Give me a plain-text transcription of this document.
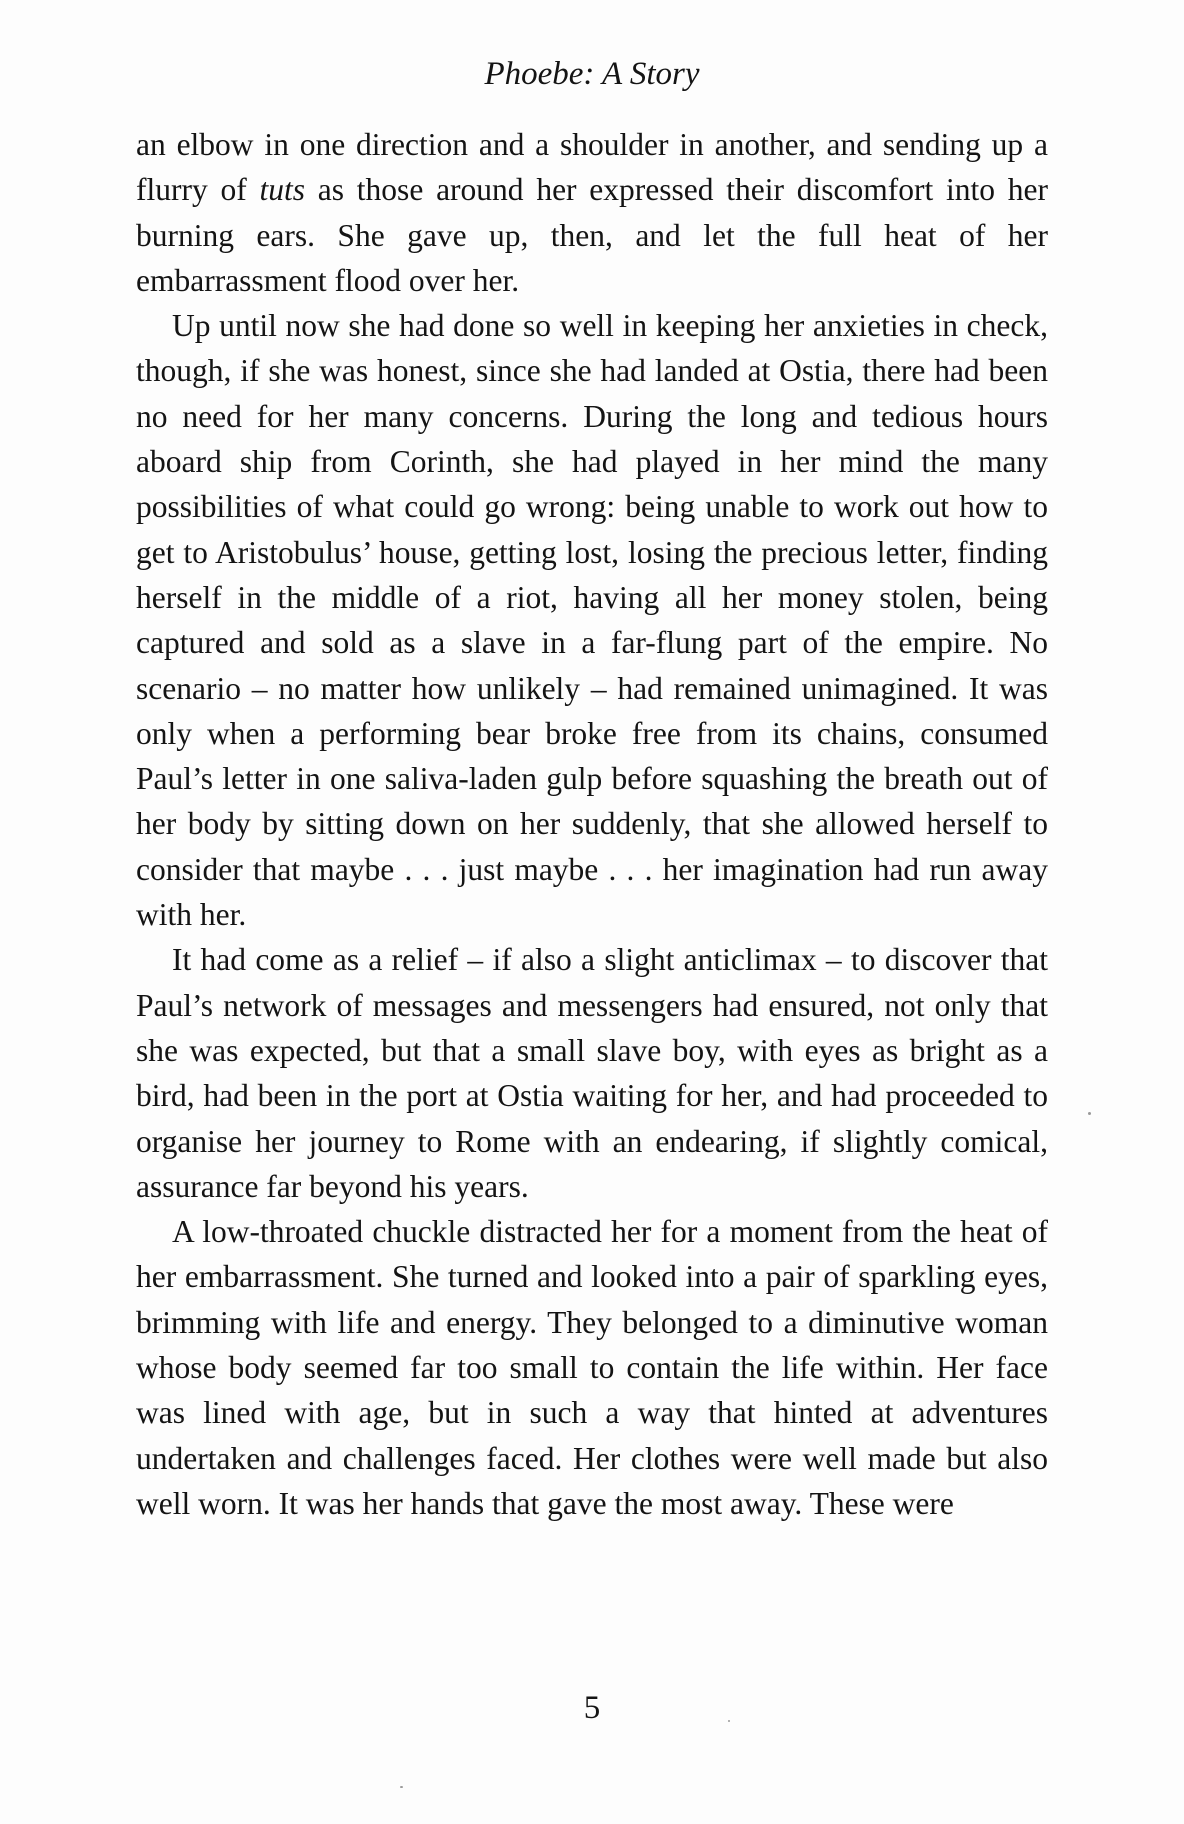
Phoebe: A Story

an elbow in one direction and a shoulder in another, and sending up a flurry of tuts as those around her expressed their discomfort into her burning ears. She gave up, then, and let the full heat of her embarrassment flood over her.

Up until now she had done so well in keeping her anxieties in check, though, if she was honest, since she had landed at Ostia, there had been no need for her many concerns. During the long and tedious hours aboard ship from Corinth, she had played in her mind the many possibilities of what could go wrong: being unable to work out how to get to Aristobulus’ house, getting lost, losing the precious letter, finding herself in the middle of a riot, having all her money stolen, being captured and sold as a slave in a far-flung part of the empire. No scenario – no matter how unlikely – had remained unimagined. It was only when a performing bear broke free from its chains, consumed Paul’s letter in one saliva-laden gulp before squashing the breath out of her body by sitting down on her suddenly, that she allowed herself to consider that maybe . . . just maybe . . . her imagination had run away with her.

It had come as a relief – if also a slight anticlimax – to discover that Paul’s network of messages and messengers had ensured, not only that she was expected, but that a small slave boy, with eyes as bright as a bird, had been in the port at Ostia waiting for her, and had proceeded to organise her journey to Rome with an endearing, if slightly comical, assurance far beyond his years.

A low-throated chuckle distracted her for a moment from the heat of her embarrassment. She turned and looked into a pair of sparkling eyes, brimming with life and energy. They belonged to a diminutive woman whose body seemed far too small to contain the life within. Her face was lined with age, but in such a way that hinted at adventures undertaken and challenges faced. Her clothes were well made but also well worn. It was her hands that gave the most away. These were

5
